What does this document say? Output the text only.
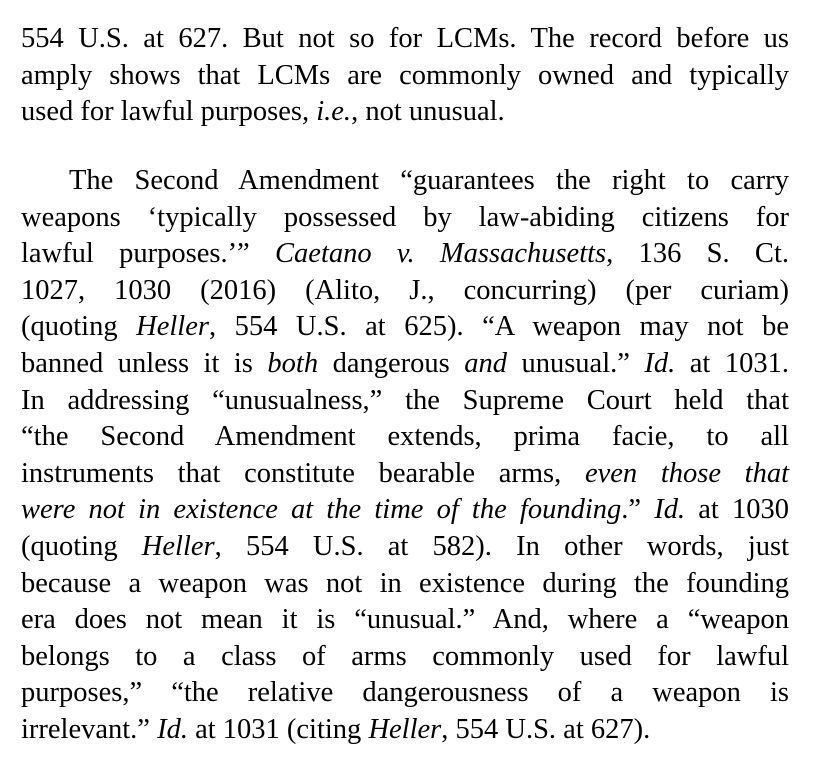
554 U.S. at 627. But not so for LCMs. The record before us
amply shows that LCMs are commonly owned and typically
used for lawful purposes, i.e., not unusual.
The Second Amendment “guarantees the right to carry
weapons ‘typically possessed by law-abiding citizens for
lawful purposes.’” Caetano v. Massachusetts, 136 S. Ct.
1027, 1030 (2016) (Alito, J., concurring) (per curiam)
(quoting Heller, 554 U.S. at 625). “A weapon may not be
banned unless it is both dangerous and unusual.” Id. at 1031.
In addressing “unusualness,” the Supreme Court held that
“the Second Amendment extends, prima facie, to all
instruments that constitute bearable arms, even those that
were not in existence at the time of the founding.” Id. at 1030
(quoting Heller, 554 U.S. at 582). In other words, just
because a weapon was not in existence during the founding
era does not mean it is “unusual.” And, where a “weapon
belongs to a class of arms commonly used for lawful
purposes,” “the relative dangerousness of a weapon is
irrelevant.” Id. at 1031 (citing Heller, 554 U.S. at 627).
